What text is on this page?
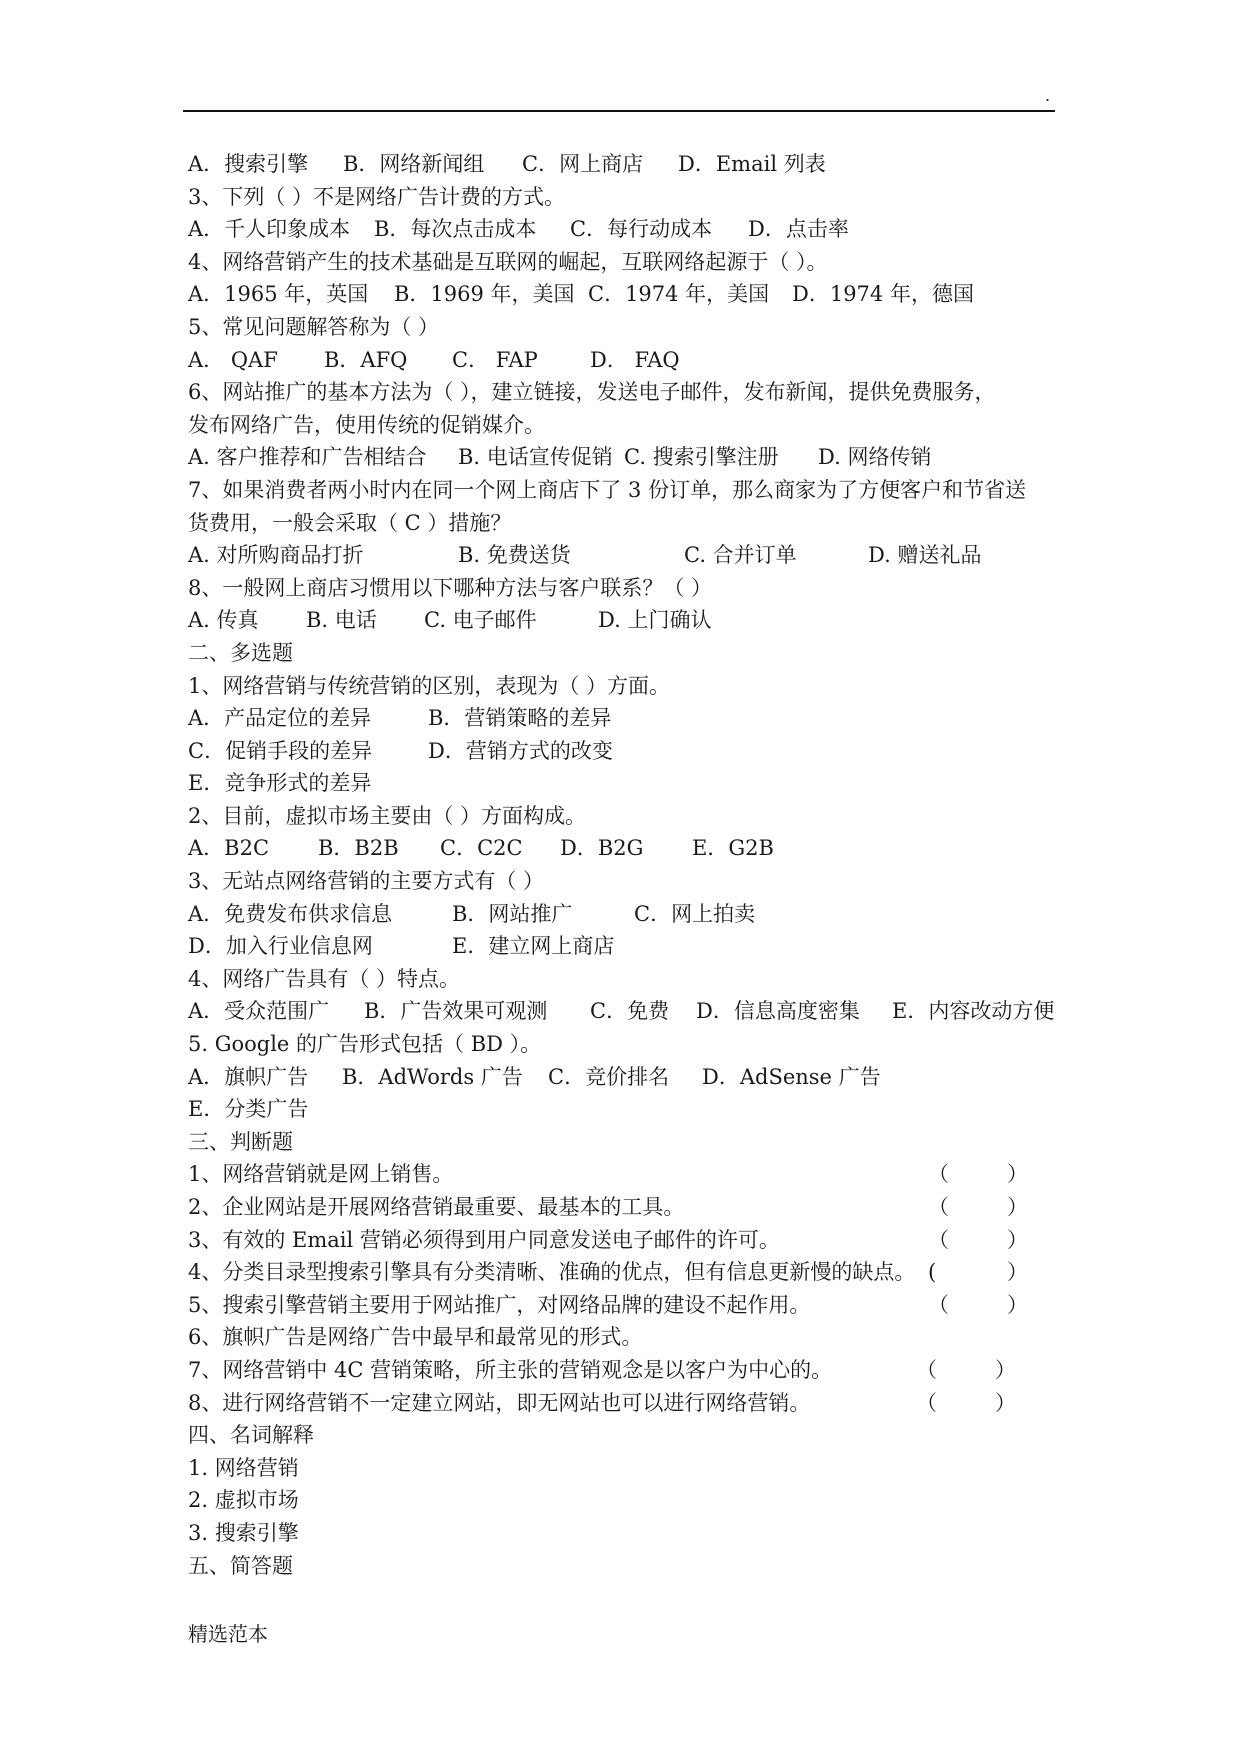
.
A．搜索引擎 B．网络新闻组 C．网上商店 D．Email 列表
3、下列（ ）不是网络广告计费的方式。
A．千人印象成本 B．每次点击成本 C．每行动成本 D．点击率
4、网络营销产生的技术基础是互联网的崛起，互联网络起源于（ ）。
A．1965 年，英国 B．1969 年，美国 C．1974 年，美国 D．1974 年，德国
5、常见问题解答称为（ ）
A． QAF B．AFQ C． FAP D． FAQ
6、网站推广的基本方法为（ ），建立链接，发送电子邮件，发布新闻，提供免费服务，
发布网络广告，使用传统的促销媒介。
A. 客户推荐和广告相结合 B. 电话宣传促销 C. 搜索引擎注册 D. 网络传销
7、如果消费者两小时内在同一个网上商店下了 3 份订单，那么商家为了方便客户和节省送
货费用，一般会采取（ C ）措施？
A. 对所购商品打折	B. 免费送货	C. 合并订单	D. 赠送礼品
8、一般网上商店习惯用以下哪种方法与客户联系？（ ）
A. 传真 B. 电话 C. 电子邮件	D. 上门确认
二、多选题
1、网络营销与传统营销的区别，表现为（ ）方面。
A．产品定位的差异	B．营销策略的差异
C．促销手段的差异	D．营销方式的改变
E．竞争形式的差异
2、目前，虚拟市场主要由（ ）方面构成。
A．B2C B．B2B C．C2C D．B2G E．G2B
3、无站点网络营销的主要方式有（ ）
A．免费发布供求信息	B．网站推广	C．网上拍卖
D．加入行业信息网	E．建立网上商店
4、网络广告具有（ ）特点。
A．受众范围广 B．广告效果可观测 C．免费 D．信息高度密集 E．内容改动方便
5. Google 的广告形式包括（ BD ）。
A．旗帜广告 B．AdWords 广告 C．竞价排名 D．AdSense 广告
E．分类广告
三、判断题
1、网络营销就是网上销售。	（	）
2、企业网站是开展网络营销最重要、最基本的工具。	（	）
3、有效的 Email 营销必须得到用户同意发送电子邮件的许可。	（	）
4、分类目录型搜索引擎具有分类清晰、准确的优点，但有信息更新慢的缺点。 (	）
5、搜索引擎营销主要用于网站推广，对网络品牌的建设不起作用。	（	）
6、旗帜广告是网络广告中最早和最常见的形式。
7、网络营销中 4C 营销策略，所主张的营销观念是以客户为中心的。	（	）
8、进行网络营销不一定建立网站，即无网站也可以进行网络营销。	（	）
四、名词解释
1. 网络营销
2. 虚拟市场
3. 搜索引擎
五、简答题
精选范本
